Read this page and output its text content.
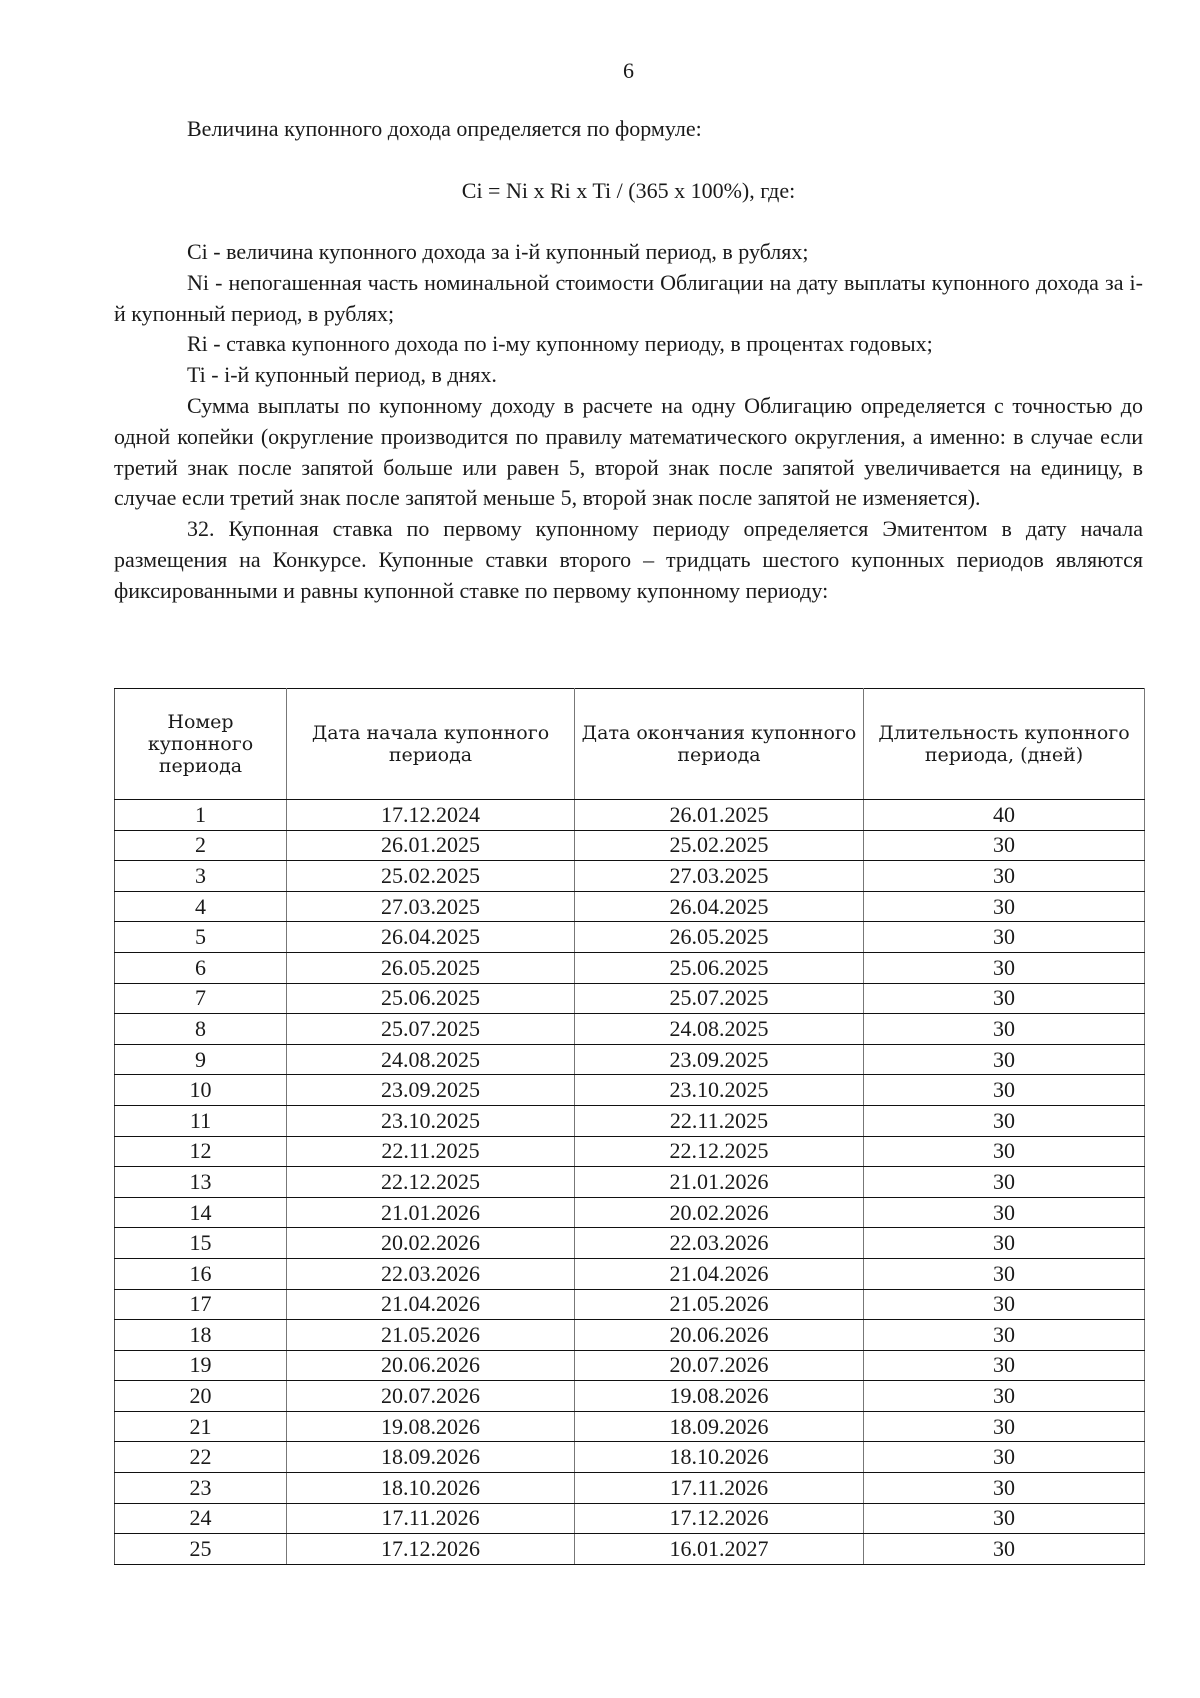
6

Величина купонного дохода определяется по формуле:

Ci = Ni x Ri x Ti / (365 x 100%), где:

Ci - величина купонного дохода за i-й купонный период, в рублях;

Ni - непогашенная часть номинальной стоимости Облигации на дату выплаты купонного дохода за i-й купонный период, в рублях;

Ri - ставка купонного дохода по i-му купонному периоду, в процентах годовых;

Ti - i-й купонный период, в днях.

Сумма выплаты по купонному доходу в расчете на одну Облигацию определяется с точностью до одной копейки (округление производится по правилу математического округления, а именно: в случае если третий знак после запятой больше или равен 5, второй знак после запятой увеличивается на единицу, в случае если третий знак после запятой меньше 5, второй знак после запятой не изменяется).

32. Купонная ставка по первому купонному периоду определяется Эмитентом в дату начала размещения на Конкурсе. Купонные ставки второго – тридцать шестого купонных периодов являются фиксированными и равны купонной ставке по первому купонному периоду:

Номер купонного периода	Дата начала купонного периода	Дата окончания купонного периода	Длительность купонного периода, (дней)
1	17.12.2024	26.01.2025	40
2	26.01.2025	25.02.2025	30
3	25.02.2025	27.03.2025	30
4	27.03.2025	26.04.2025	30
5	26.04.2025	26.05.2025	30
6	26.05.2025	25.06.2025	30
7	25.06.2025	25.07.2025	30
8	25.07.2025	24.08.2025	30
9	24.08.2025	23.09.2025	30
10	23.09.2025	23.10.2025	30
11	23.10.2025	22.11.2025	30
12	22.11.2025	22.12.2025	30
13	22.12.2025	21.01.2026	30
14	21.01.2026	20.02.2026	30
15	20.02.2026	22.03.2026	30
16	22.03.2026	21.04.2026	30
17	21.04.2026	21.05.2026	30
18	21.05.2026	20.06.2026	30
19	20.06.2026	20.07.2026	30
20	20.07.2026	19.08.2026	30
21	19.08.2026	18.09.2026	30
22	18.09.2026	18.10.2026	30
23	18.10.2026	17.11.2026	30
24	17.11.2026	17.12.2026	30
25	17.12.2026	16.01.2027	30
